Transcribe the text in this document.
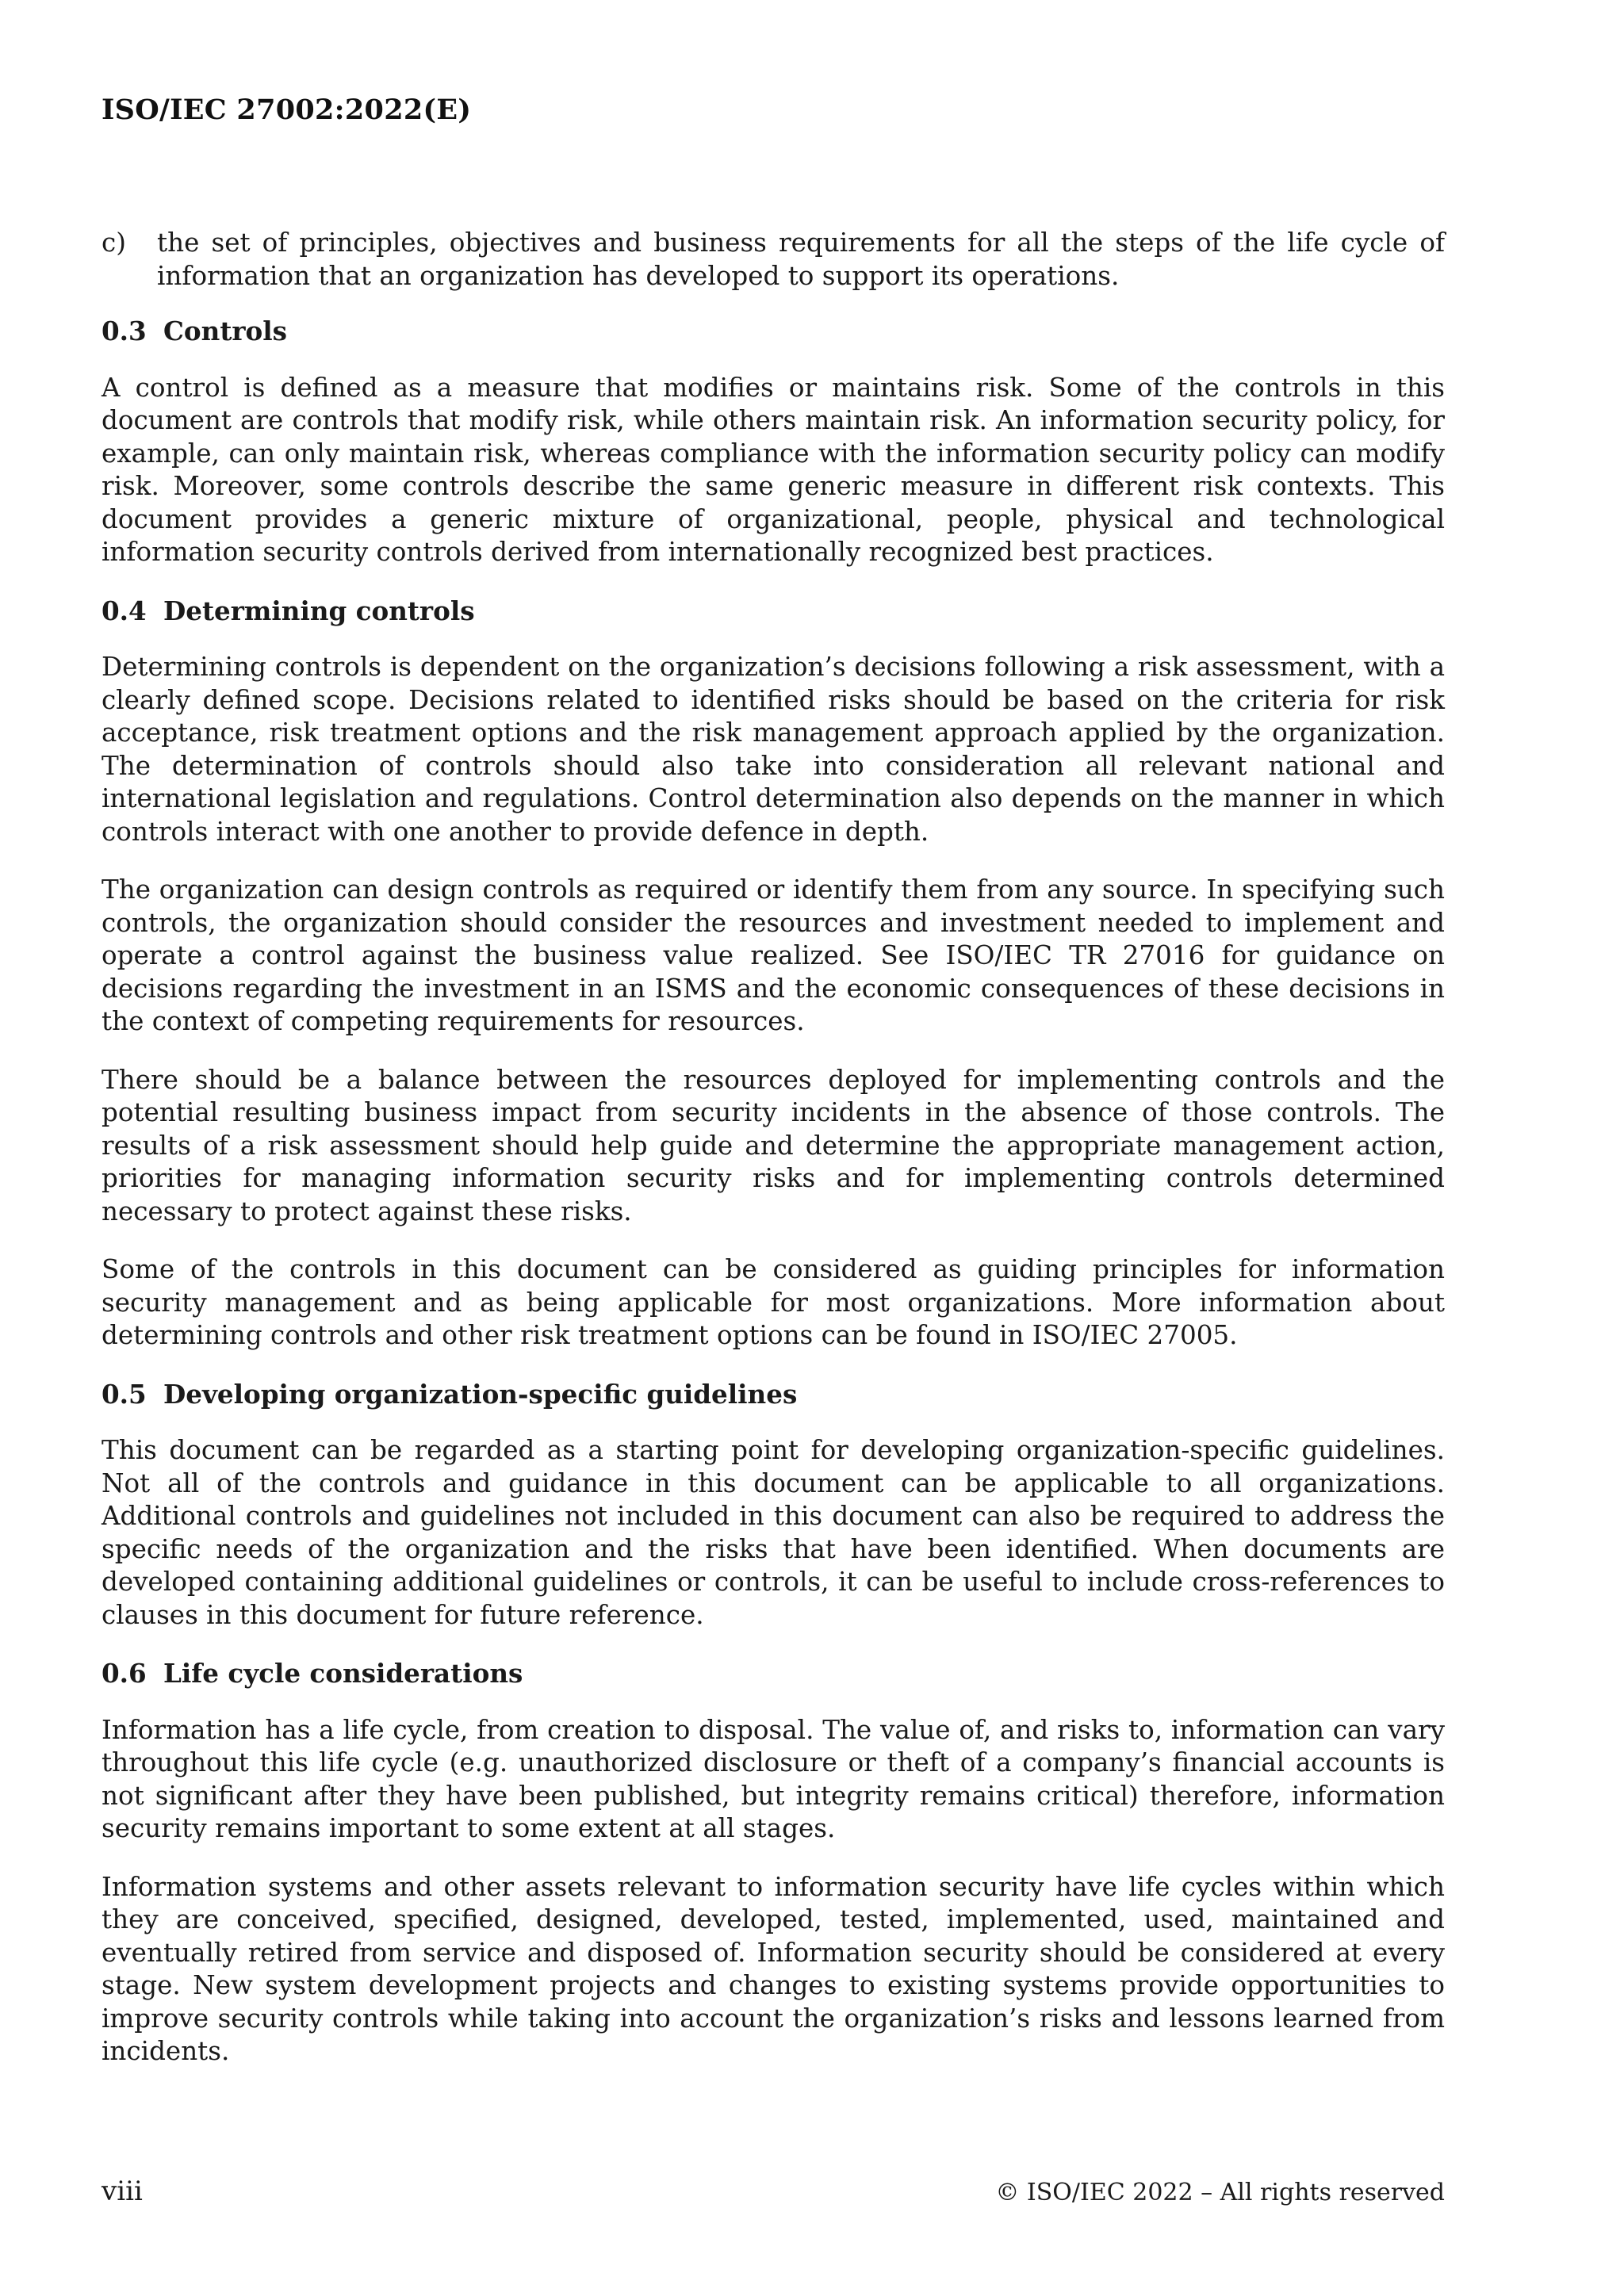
ISO/IEC 27002:2022(E)
c)	the set of principles, objectives and business requirements for all the steps of the life cycle of information that an organization has developed to support its operations.
0.3 Controls

A control is defined as a measure that modifies or maintains risk. Some of the controls in this document are controls that modify risk, while others maintain risk. An information security policy, for example, can only maintain risk, whereas compliance with the information security policy can modify risk. Moreover, some controls describe the same generic measure in different risk contexts. This document provides a generic mixture of organizational, people, physical and technological information security controls derived from internationally recognized best practices.

0.4 Determining controls

Determining controls is dependent on the organization’s decisions following a risk assessment, with a clearly defined scope. Decisions related to identified risks should be based on the criteria for risk acceptance, risk treatment options and the risk management approach applied by the organization. The determination of controls should also take into consideration all relevant national and international legislation and regulations. Control determination also depends on the manner in which controls interact with one another to provide defence in depth.

The organization can design controls as required or identify them from any source. In specifying such controls, the organization should consider the resources and investment needed to implement and operate a control against the business value realized. See ISO/IEC TR 27016 for guidance on decisions regarding the investment in an ISMS and the economic consequences of these decisions in the context of competing requirements for resources.

There should be a balance between the resources deployed for implementing controls and the potential resulting business impact from security incidents in the absence of those controls. The results of a risk assessment should help guide and determine the appropriate management action, priorities for managing information security risks and for implementing controls determined necessary to protect against these risks.

Some of the controls in this document can be considered as guiding principles for information security management and as being applicable for most organizations. More information about determining controls and other risk treatment options can be found in ISO/IEC 27005.

0.5 Developing organization-specific guidelines

This document can be regarded as a starting point for developing organization-specific guidelines. Not all of the controls and guidance in this document can be applicable to all organizations. Additional controls and guidelines not included in this document can also be required to address the specific needs of the organization and the risks that have been identified. When documents are developed containing additional guidelines or controls, it can be useful to include cross-references to clauses in this document for future reference.

0.6 Life cycle considerations

Information has a life cycle, from creation to disposal. The value of, and risks to, information can vary throughout this life cycle (e.g. unauthorized disclosure or theft of a company’s financial accounts is not significant after they have been published, but integrity remains critical) therefore, information security remains important to some extent at all stages.

Information systems and other assets relevant to information security have life cycles within which they are conceived, specified, designed, developed, tested, implemented, used, maintained and eventually retired from service and disposed of. Information security should be considered at every stage. New system development projects and changes to existing systems provide opportunities to improve security controls while taking into account the organization’s risks and lessons learned from incidents.

viii	© ISO/IEC 2022 – All rights reserved
